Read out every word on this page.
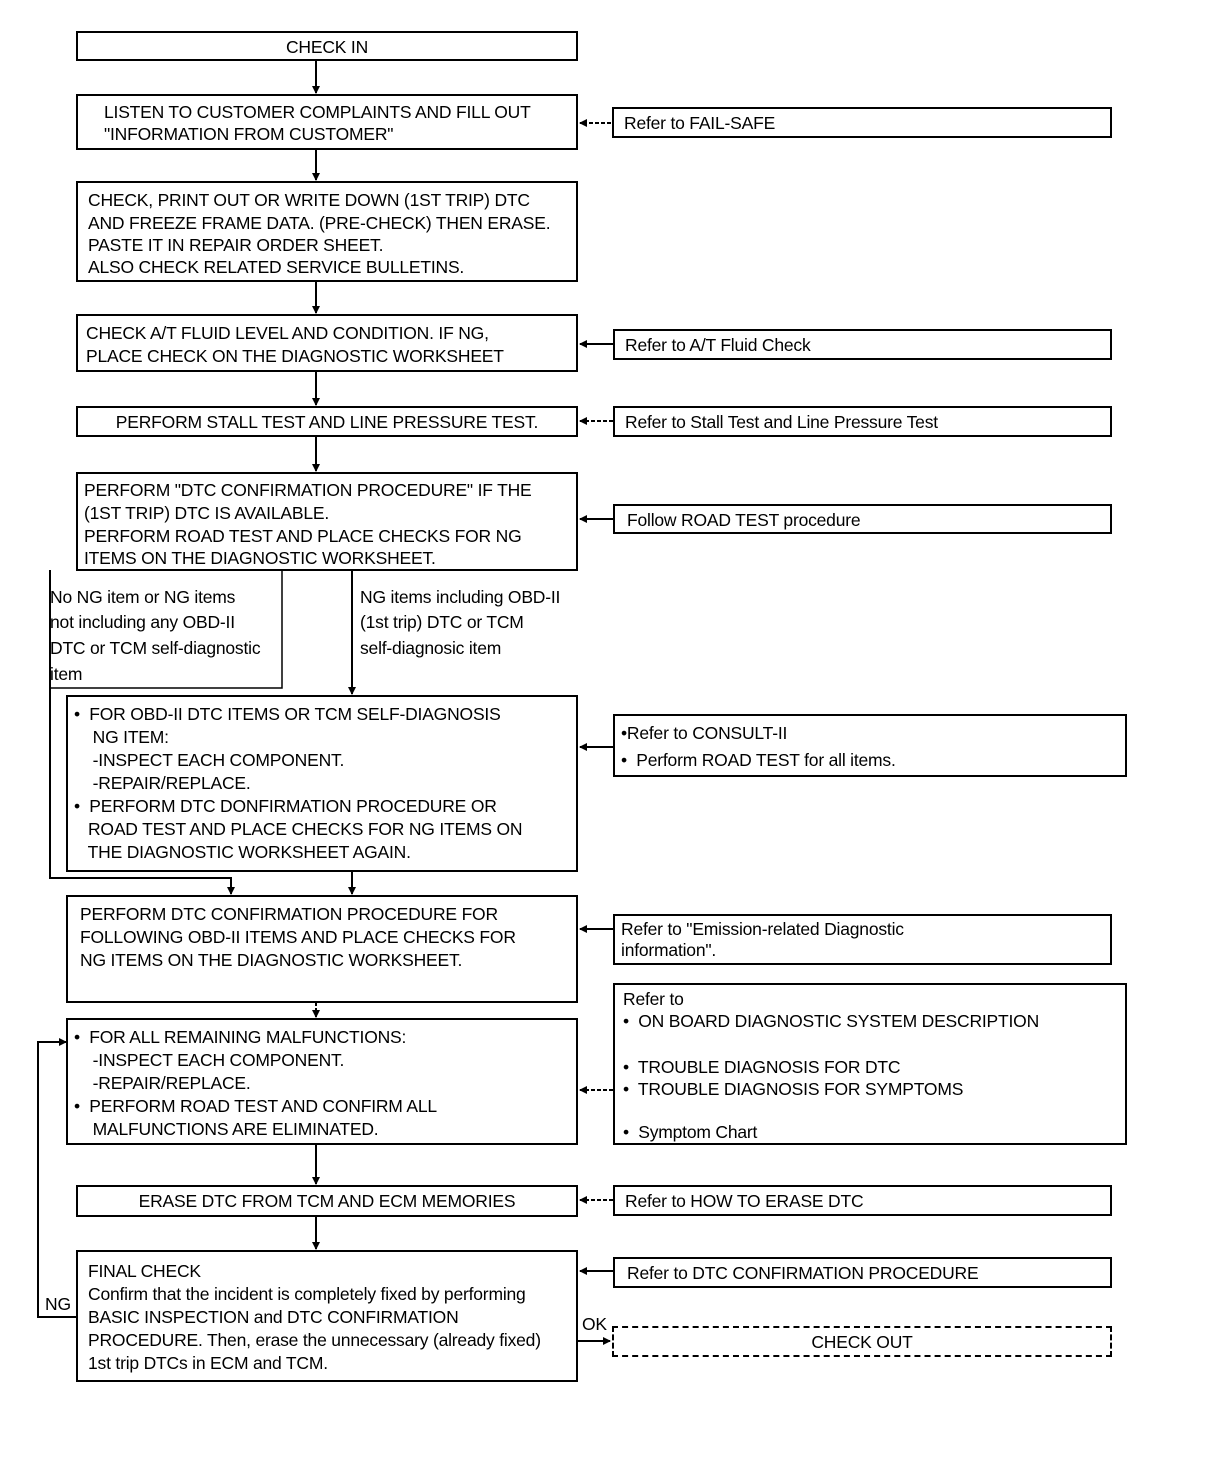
CHECK IN
LISTEN TO CUSTOMER COMPLAINTS AND FILL OUT
"INFORMATION FROM CUSTOMER"
CHECK, PRINT OUT OR WRITE DOWN (1ST TRIP) DTC
AND FREEZE FRAME DATA. (PRE-CHECK) THEN ERASE.
PASTE IT IN REPAIR ORDER SHEET.
ALSO CHECK RELATED SERVICE BULLETINS.
CHECK A/T FLUID LEVEL AND CONDITION. IF NG,
PLACE CHECK ON THE DIAGNOSTIC WORKSHEET
PERFORM STALL TEST AND LINE PRESSURE TEST.
PERFORM "DTC CONFIRMATION PROCEDURE" IF THE
(1ST TRIP) DTC IS AVAILABLE.
PERFORM ROAD TEST AND PLACE CHECKS FOR NG
ITEMS ON THE DIAGNOSTIC WORKSHEET.
No NG item or NG items
not including any OBD-II
DTC or TCM self-diagnostic
item
NG items including OBD-II
(1st trip) DTC or TCM
self-diagnosic item
•  FOR OBD-II DTC ITEMS OR TCM SELF-DIAGNOSIS
NG ITEM:
-INSPECT EACH COMPONENT.
-REPAIR/REPLACE.
•  PERFORM DTC DONFIRMATION PROCEDURE OR
ROAD TEST AND PLACE CHECKS FOR NG ITEMS ON
THE DIAGNOSTIC WORKSHEET AGAIN.
PERFORM DTC CONFIRMATION PROCEDURE FOR
FOLLOWING OBD-II ITEMS AND PLACE CHECKS FOR
NG ITEMS ON THE DIAGNOSTIC WORKSHEET.
•  FOR ALL REMAINING MALFUNCTIONS:
-INSPECT EACH COMPONENT.
-REPAIR/REPLACE.
•  PERFORM ROAD TEST AND CONFIRM ALL
MALFUNCTIONS ARE ELIMINATED.
ERASE DTC FROM TCM AND ECM MEMORIES
FINAL CHECK
Confirm that the incident is completely fixed by performing
BASIC INSPECTION and DTC CONFIRMATION
PROCEDURE. Then, erase the unnecessary (already fixed)
1st trip DTCs in ECM and TCM.
NG
OK
CHECK OUT
Refer to FAIL-SAFE
Refer to A/T Fluid Check
Refer to Stall Test and Line Pressure Test
Follow ROAD TEST procedure
•Refer to CONSULT-II
•  Perform ROAD TEST for all items.
Refer to "Emission-related Diagnostic
information".
Refer to
•  ON BOARD DIAGNOSTIC SYSTEM DESCRIPTION
•  TROUBLE DIAGNOSIS FOR DTC
•  TROUBLE DIAGNOSIS FOR SYMPTOMS
•  Symptom Chart
Refer to HOW TO ERASE DTC
Refer to DTC CONFIRMATION PROCEDURE
